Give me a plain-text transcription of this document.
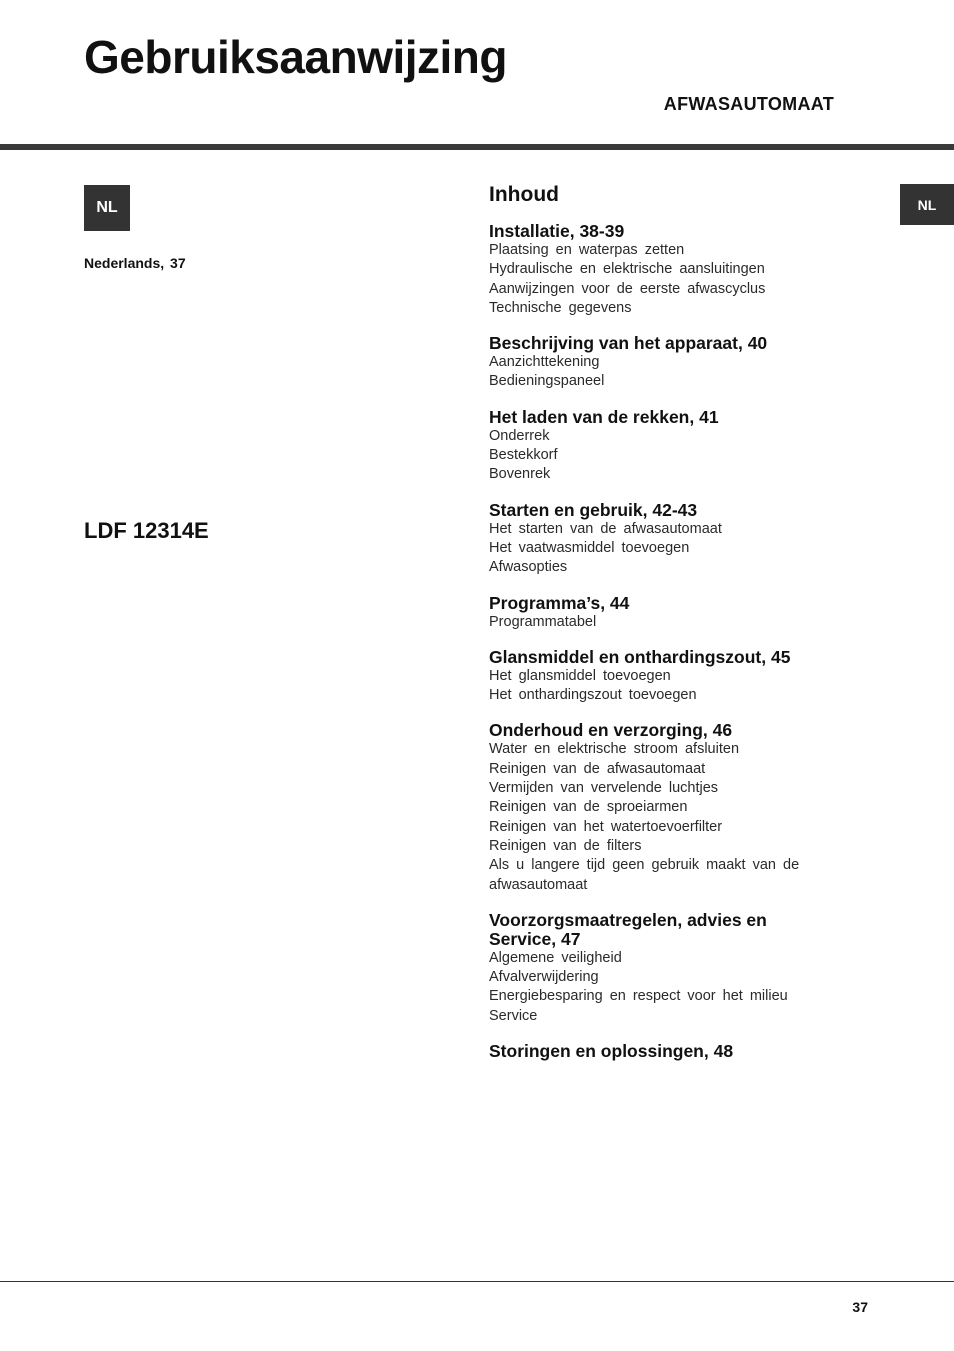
Gebruiksaanwijzing
AFWASAUTOMAAT
NL
Nederlands, 37
LDF 12314E
NL
Inhoud
Installatie, 38-39
Plaatsing en waterpas zetten
Hydraulische en elektrische aansluitingen
Aanwijzingen voor de eerste afwascyclus
Technische gegevens
Beschrijving van het apparaat, 40
Aanzichttekening
Bedieningspaneel
Het laden van de rekken, 41
Onderrek
Bestekkorf
Bovenrek
Starten en gebruik, 42-43
Het starten van de afwasautomaat
Het vaatwasmiddel toevoegen
Afwasopties
Programma’s, 44
Programmatabel
Glansmiddel en onthardingszout, 45
Het glansmiddel toevoegen
Het onthardingszout toevoegen
Onderhoud en verzorging, 46
Water en elektrische stroom afsluiten
Reinigen van de afwasautomaat
Vermijden van vervelende luchtjes
Reinigen van de sproeiarmen
Reinigen van het watertoevoerfilter
Reinigen van de filters
Als u langere tijd geen gebruik maakt van de afwasautomaat
Voorzorgsmaatregelen, advies en Service, 47
Algemene veiligheid
Afvalverwijdering
Energiebesparing en respect voor het milieu
Service
Storingen en oplossingen, 48
37
